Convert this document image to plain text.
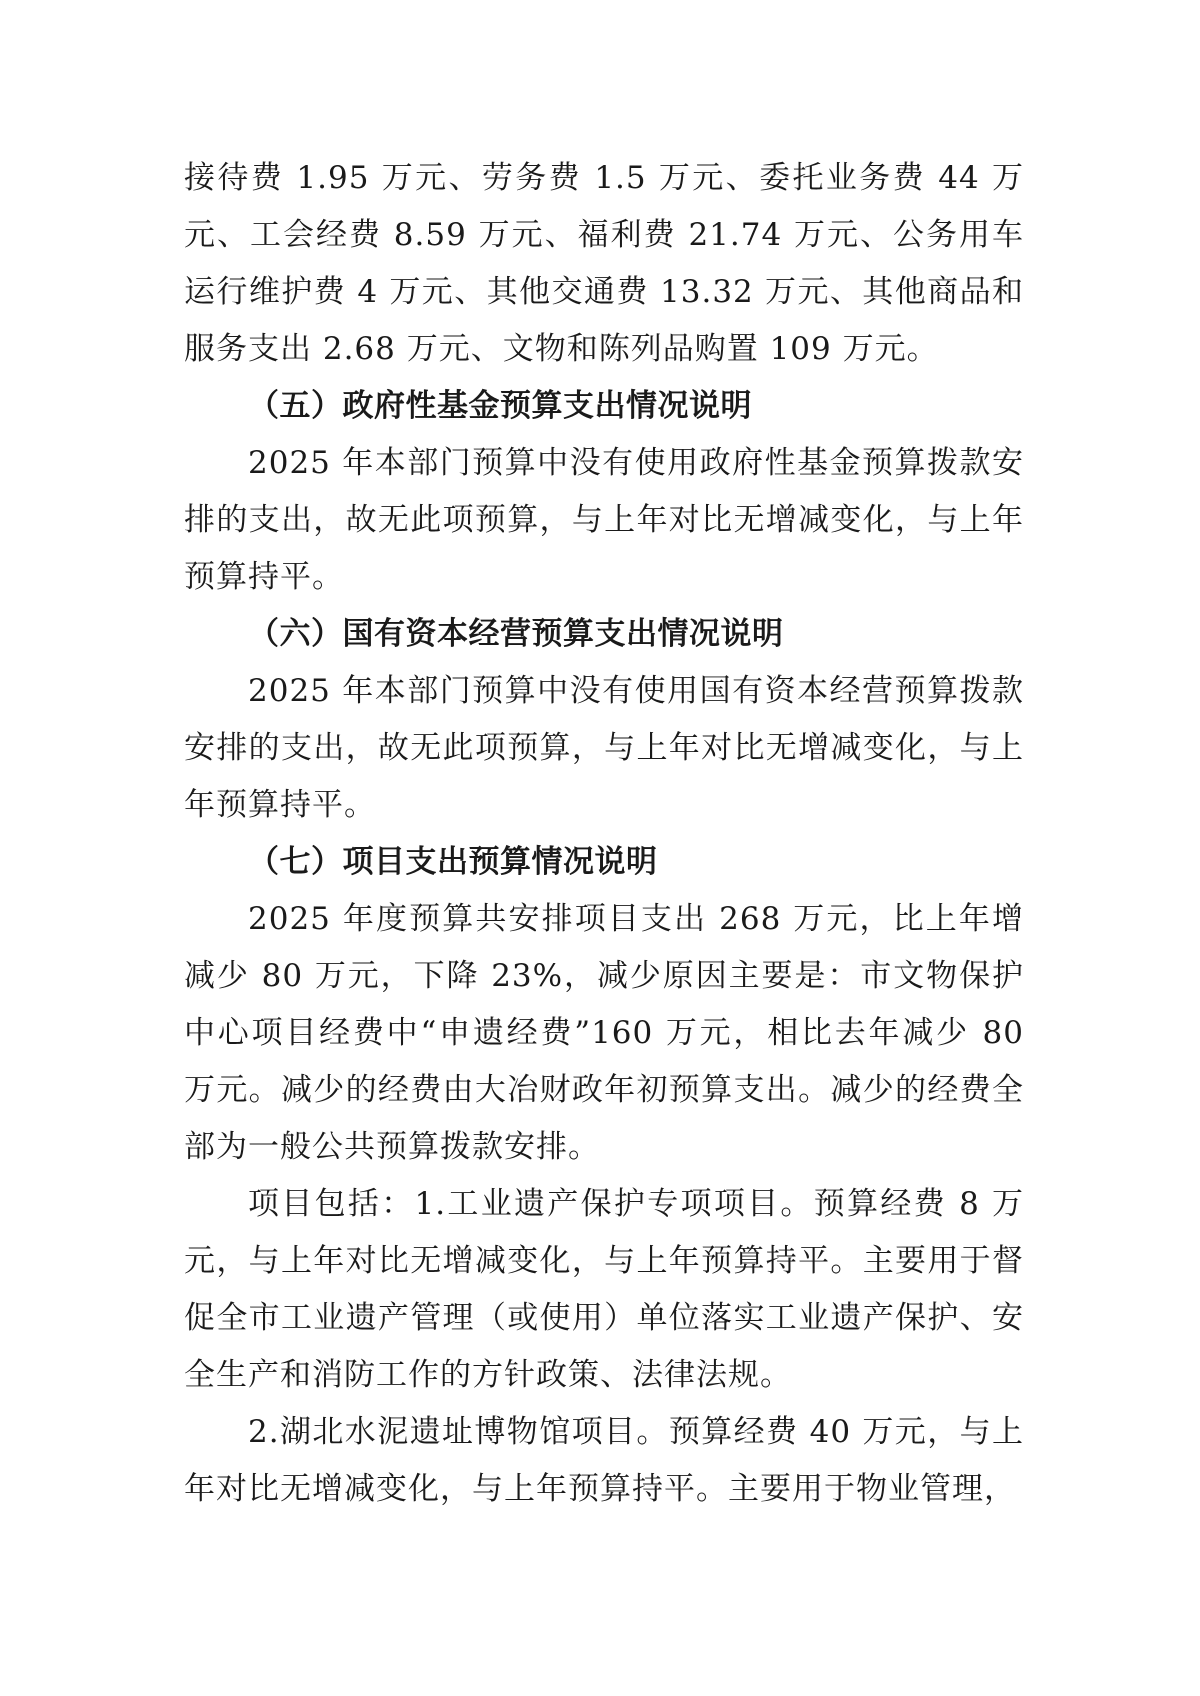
接待费 1.95 万元、劳务费 1.5 万元、委托业务费 44 万元、工会经费 8.59 万元、福利费 21.74 万元、公务用车运行维护费 4 万元、其他交通费 13.32 万元、其他商品和服务支出 2.68 万元、文物和陈列品购置 109 万元。

（五）政府性基金预算支出情况说明

2025 年本部门预算中没有使用政府性基金预算拨款安排的支出，故无此项预算，与上年对比无增减变化，与上年预算持平。

（六）国有资本经营预算支出情况说明

2025 年本部门预算中没有使用国有资本经营预算拨款安排的支出，故无此项预算，与上年对比无增减变化，与上年预算持平。

（七）项目支出预算情况说明

2025 年度预算共安排项目支出 268 万元，比上年增减少 80 万元，下降 23%，减少原因主要是：市文物保护中心项目经费中“申遗经费”160 万元，相比去年减少 80 万元。减少的经费由大冶财政年初预算支出。减少的经费全部为一般公共预算拨款安排。

项目包括：1.工业遗产保护专项项目。预算经费 8 万元，与上年对比无增减变化，与上年预算持平。主要用于督促全市工业遗产管理（或使用）单位落实工业遗产保护、安全生产和消防工作的方针政策、法律法规。

2.湖北水泥遗址博物馆项目。预算经费 40 万元，与上年对比无增减变化，与上年预算持平。主要用于物业管理，
